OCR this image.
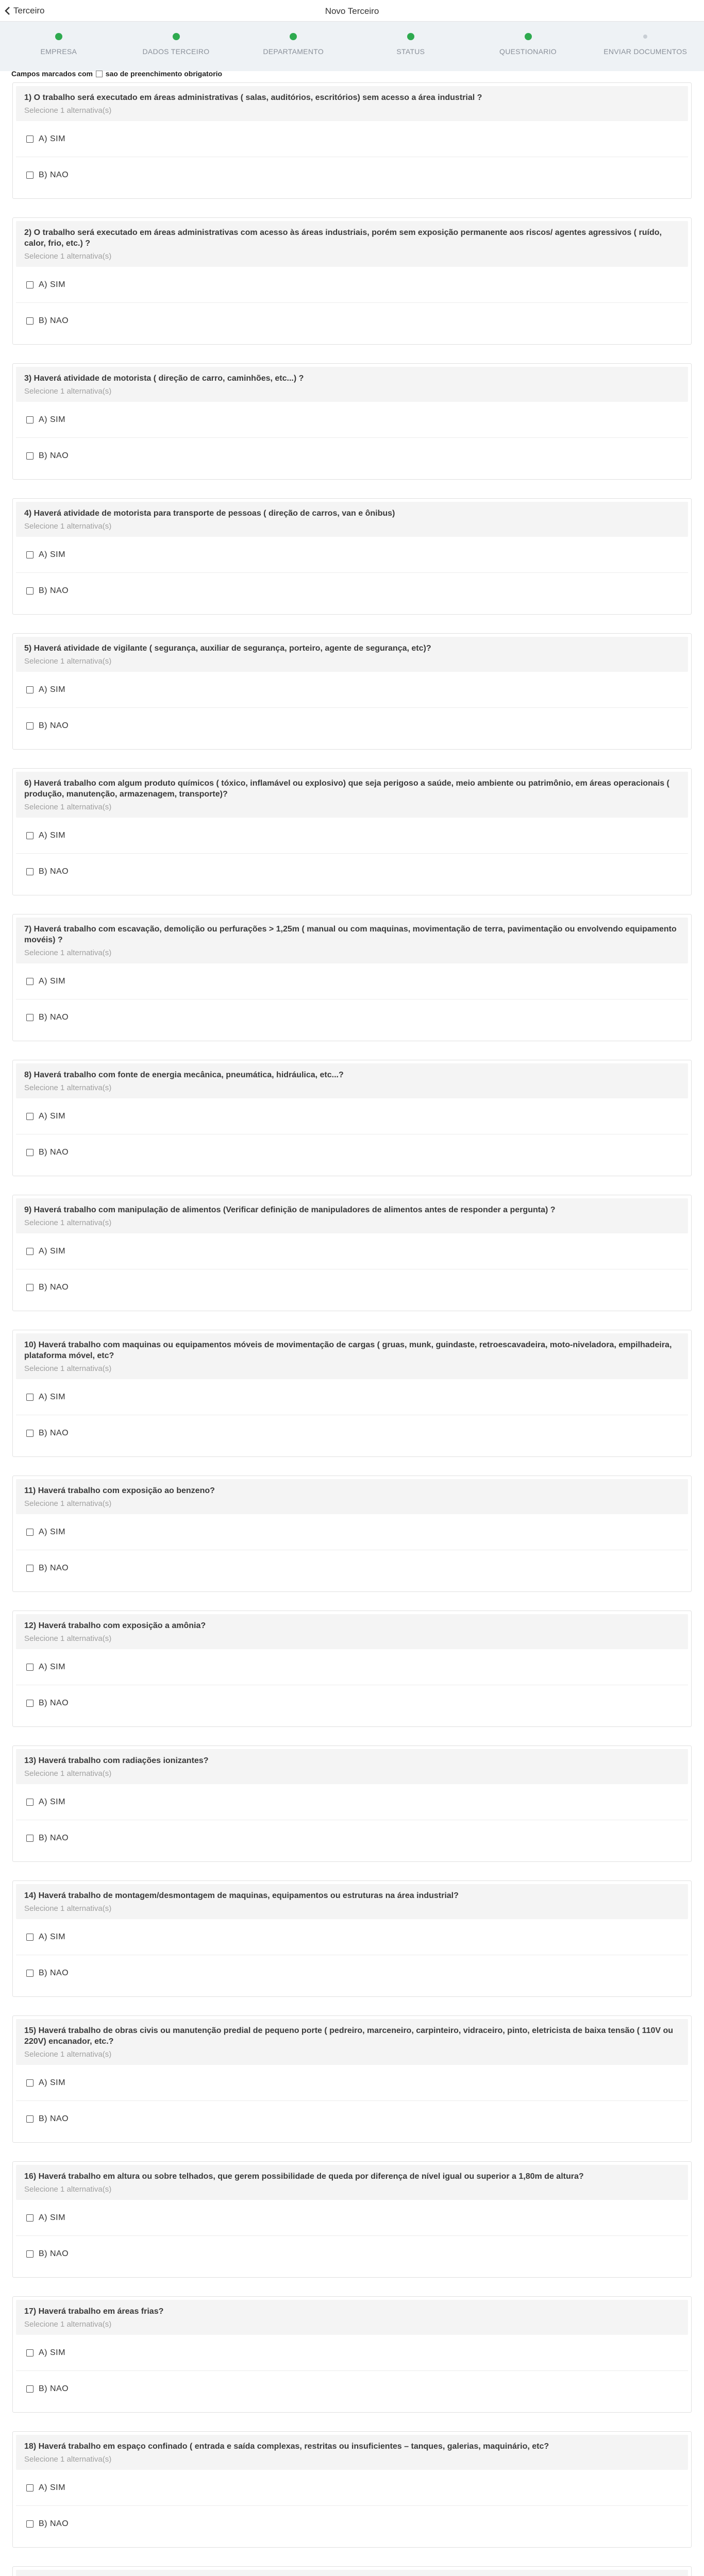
Terceiro	Novo Terceiro
EMPRESA	DADOS TERCEIRO	DEPARTAMENTO	STATUS	QUESTIONARIO	ENVIAR DOCUMENTOS
Campos marcados com sao de preenchimento obrigatorio
1) O trabalho será executado em áreas administrativas ( salas, auditórios, escritórios) sem acesso a área industrial ?
Selecione 1 alternativa(s)
A) SIM
B) NAO
2) O trabalho será executado em áreas administrativas com acesso às áreas industriais, porém sem exposição permanente aos riscos/ agentes agressivos ( ruído, calor, frio, etc.) ?
Selecione 1 alternativa(s)
A) SIM
B) NAO
3) Haverá atividade de motorista ( direção de carro, caminhões, etc...) ?
Selecione 1 alternativa(s)
A) SIM
B) NAO
4) Haverá atividade de motorista para transporte de pessoas ( direção de carros, van e ônibus)
Selecione 1 alternativa(s)
A) SIM
B) NAO
5) Haverá atividade de vigilante ( segurança, auxiliar de segurança, porteiro, agente de segurança, etc)?
Selecione 1 alternativa(s)
A) SIM
B) NAO
6) Haverá trabalho com algum produto químicos ( tóxico, inflamável ou explosivo) que seja perigoso a saúde, meio ambiente ou patrimônio, em áreas operacionais ( produção, manutenção, armazenagem, transporte)?
Selecione 1 alternativa(s)
A) SIM
B) NAO
7) Haverá trabalho com escavação, demolição ou perfurações > 1,25m ( manual ou com maquinas, movimentação de terra, pavimentação ou envolvendo equipamento movéis) ?
Selecione 1 alternativa(s)
A) SIM
B) NAO
8) Haverá trabalho com fonte de energia mecânica, pneumática, hidráulica, etc...?
Selecione 1 alternativa(s)
A) SIM
B) NAO
9) Haverá trabalho com manipulação de alimentos (Verificar definição de manipuladores de alimentos antes de responder a pergunta) ?
Selecione 1 alternativa(s)
A) SIM
B) NAO
10) Haverá trabalho com maquinas ou equipamentos móveis de movimentação de cargas ( gruas, munk, guindaste, retroescavadeira, moto-niveladora, empilhadeira, plataforma móvel, etc?
Selecione 1 alternativa(s)
A) SIM
B) NAO
11) Haverá trabalho com exposição ao benzeno?
Selecione 1 alternativa(s)
A) SIM
B) NAO
12) Haverá trabalho com exposição a amônia?
Selecione 1 alternativa(s)
A) SIM
B) NAO
13) Haverá trabalho com radiações ionizantes?
Selecione 1 alternativa(s)
A) SIM
B) NAO
14) Haverá trabalho de montagem/desmontagem de maquinas, equipamentos ou estruturas na área industrial?
Selecione 1 alternativa(s)
A) SIM
B) NAO
15) Haverá trabalho de obras civis ou manutenção predial de pequeno porte ( pedreiro, marceneiro, carpinteiro, vidraceiro, pinto, eletricista de baixa tensão ( 110V ou 220V) encanador, etc.?
Selecione 1 alternativa(s)
A) SIM
B) NAO
16) Haverá trabalho em altura ou sobre telhados, que gerem possibilidade de queda por diferença de nível igual ou superior a 1,80m de altura?
Selecione 1 alternativa(s)
A) SIM
B) NAO
17) Haverá trabalho em áreas frias?
Selecione 1 alternativa(s)
A) SIM
B) NAO
18) Haverá trabalho em espaço confinado ( entrada e saída complexas, restritas ou insuficientes – tanques, galerias, maquinário, etc?
Selecione 1 alternativa(s)
A) SIM
B) NAO
